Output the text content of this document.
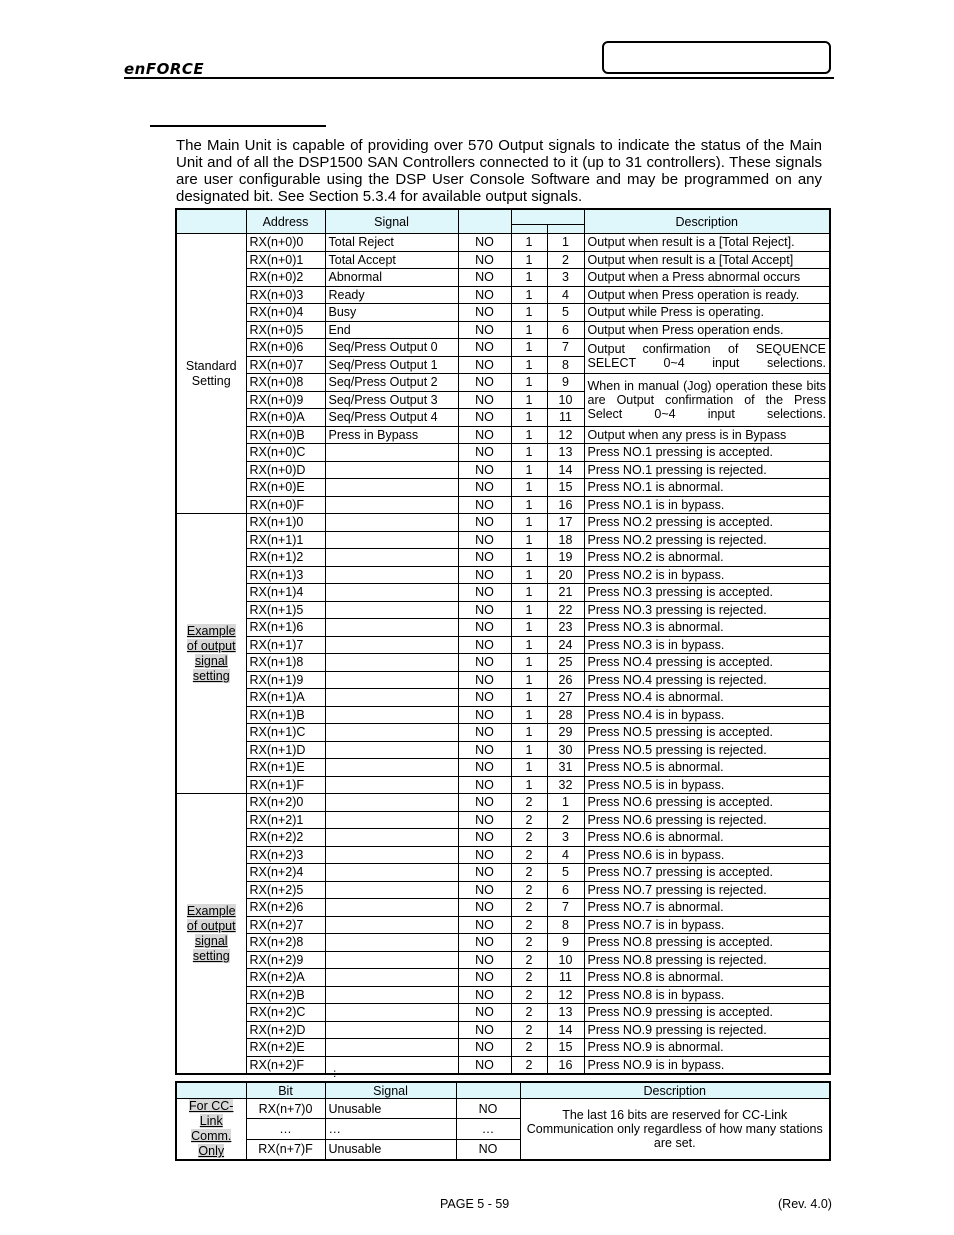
enFORCE

The Main Unit is capable of providing over 570 Output signals to indicate the status of the Main Unit and of all the DSP1500 SAN Controllers connected to it (up to 31 controllers). These signals are user configurable using the DSP User Console Software and may be programmed on any designated bit. See Section 5.3.4 for available output signals.

	Address	Signal				Description

Standard Setting	RX(n+0)0	Total Reject	NO	1	1	Output when result is a [Total Reject].
	RX(n+0)1	Total Accept	NO	1	2	Output when result is a [Total Accept]
	RX(n+0)2	Abnormal	NO	1	3	Output when a Press abnormal occurs
	RX(n+0)3	Ready	NO	1	4	Output when Press operation is ready.
	RX(n+0)4	Busy	NO	1	5	Output while Press is operating.
	RX(n+0)5	End	NO	1	6	Output when Press operation ends.
	RX(n+0)6	Seq/Press Output 0	NO	1	7	Output confirmation of SEQUENCE SELECT 0~4 input selections.
	RX(n+0)7	Seq/Press Output 1	NO	1	8	
	RX(n+0)8	Seq/Press Output 2	NO	1	9	When in manual (Jog) operation these bits are Output confirmation of the Press Select 0~4 input selections.
	RX(n+0)9	Seq/Press Output 3	NO	1	10	
	RX(n+0)A	Seq/Press Output 4	NO	1	11	
	RX(n+0)B	Press in Bypass	NO	1	12	Output when any press is in Bypass
	RX(n+0)C		NO	1	13	Press NO.1 pressing is accepted.
	RX(n+0)D		NO	1	14	Press NO.1 pressing is rejected.
	RX(n+0)E		NO	1	15	Press NO.1 is abnormal.
	RX(n+0)F		NO	1	16	Press NO.1 is in bypass.
Example of output signal setting	RX(n+1)0		NO	1	17	Press NO.2 pressing is accepted.
	RX(n+1)1		NO	1	18	Press NO.2 pressing is rejected.
	RX(n+1)2		NO	1	19	Press NO.2 is abnormal.
	RX(n+1)3		NO	1	20	Press NO.2 is in bypass.
	RX(n+1)4		NO	1	21	Press NO.3 pressing is accepted.
	RX(n+1)5		NO	1	22	Press NO.3 pressing is rejected.
	RX(n+1)6		NO	1	23	Press NO.3 is abnormal.
	RX(n+1)7		NO	1	24	Press NO.3 is in bypass.
	RX(n+1)8		NO	1	25	Press NO.4 pressing is accepted.
	RX(n+1)9		NO	1	26	Press NO.4 pressing is rejected.
	RX(n+1)A		NO	1	27	Press NO.4 is abnormal.
	RX(n+1)B		NO	1	28	Press NO.4 is in bypass.
	RX(n+1)C		NO	1	29	Press NO.5 pressing is accepted.
	RX(n+1)D		NO	1	30	Press NO.5 pressing is rejected.
	RX(n+1)E		NO	1	31	Press NO.5 is abnormal.
	RX(n+1)F		NO	1	32	Press NO.5 is in bypass.
Example of output signal setting	RX(n+2)0		NO	2	1	Press NO.6 pressing is accepted.
	RX(n+2)1		NO	2	2	Press NO.6 pressing is rejected.
	RX(n+2)2		NO	2	3	Press NO.6 is abnormal.
	RX(n+2)3		NO	2	4	Press NO.6 is in bypass.
	RX(n+2)4		NO	2	5	Press NO.7 pressing is accepted.
	RX(n+2)5		NO	2	6	Press NO.7 pressing is rejected.
	RX(n+2)6		NO	2	7	Press NO.7 is abnormal.
	RX(n+2)7		NO	2	8	Press NO.7 is in bypass.
	RX(n+2)8		NO	2	9	Press NO.8 pressing is accepted.
	RX(n+2)9		NO	2	10	Press NO.8 pressing is rejected.
	RX(n+2)A		NO	2	11	Press NO.8 is abnormal.
	RX(n+2)B		NO	2	12	Press NO.8 is in bypass.
	RX(n+2)C		NO	2	13	Press NO.9 pressing is accepted.
	RX(n+2)D		NO	2	14	Press NO.9 pressing is rejected.
	RX(n+2)E		NO	2	15	Press NO.9 is abnormal.
	RX(n+2)F		NO	2	16	Press NO.9 is in bypass.
:
	Bit	Signal		Description
For CC-Link Comm. Only	RX(n+7)0	Unusable	NO	The last 16 bits are reserved for CC-Link Communication only regardless of how many stations are set.
	…	…	…	
	RX(n+7)F	Unusable	NO	
PAGE 5 - 59	(Rev. 4.0)
